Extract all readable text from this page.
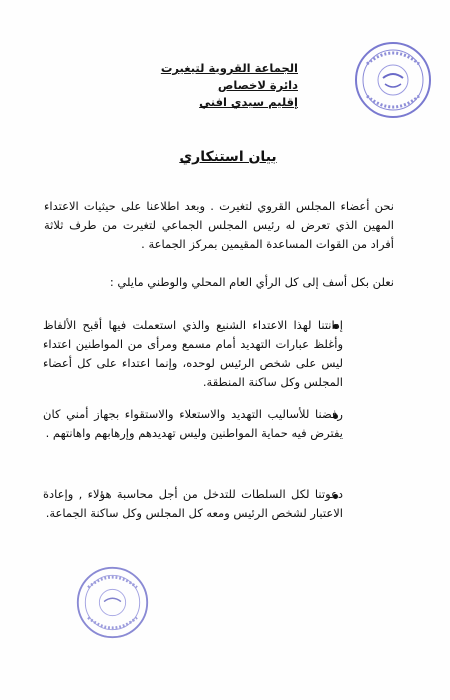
الجماعة القروية لتيغيرت
دائرة لاخصاص
إقليم سيدي افني
بيان استنكاري
نحن أعضاء المجلس القروي لتغيرت . وبعد اطلاعنا على حيثيات الاعتداء المهين الذي تعرض له رئيس المجلس الجماعي لتغيرت من طرف ثلاثة أفراد من القوات المساعدة المقيمين بمركز الجماعة .
نعلن بكل أسف إلى كل الرأي العام المحلي والوطني مايلي :
إدانتنا لهذا الاعتداء الشنيع والذي استعملت فيها أقبح الألفاظ وأغلظ عبارات التهديد أمام مسمع ومرأى من المواطنين اعتداء ليس على شخص الرئيس لوحده، وإنما اعتداء على كل أعضاء المجلس وكل ساكنة المنطقة.
رفضنا للأساليب التهديد والاستعلاء والاستقواء بجهاز أمني كان يفترض فيه حماية المواطنين وليس تهديدهم وإرهابهم واهانتهم .
دعوتنا لكل السلطات للتدخل من أجل محاسبة هؤلاء , وإعادة الاعتبار لشخص الرئيس ومعه كل المجلس وكل ساكنة الجماعة.
